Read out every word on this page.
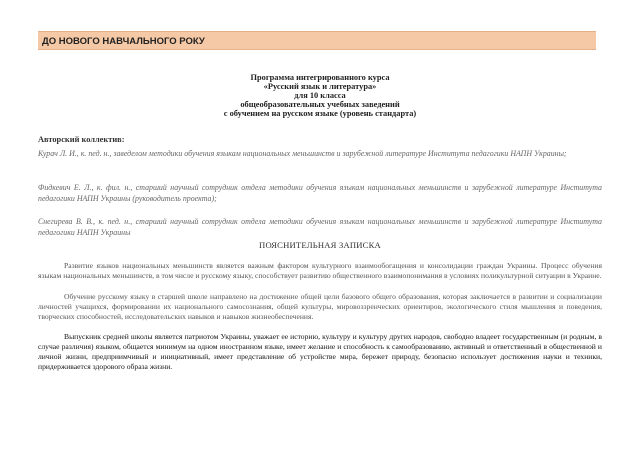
ДО НОВОГО НАВЧАЛЬНОГО РОКУ
Программа интегрированного курса
«Русский язык и литература»
для 10 класса
общеобразовательных учебных заведений
с обучением на русском языке (уровень стандарта)
Авторский коллектив:
Курач Л. И., к. пед. н., заведелом методики обучения языкам национальных меньшинств и зарубежной литературе Института педагогики НАПН Украины;
Фидкевич Е. Л., к. фил. н., старший научный сотрудник отдела методики обучения языкам национальных меньшинств и зарубежной литературе Института педагогики НАПН Украины (руководитель проекта);
Снегирева В. В., к. пед. н., старший научный сотрудник отдела методики обучения языкам национальных меньшинств и зарубежной литературе Института педагогики НАПН Украины
ПОЯСНИТЕЛЬНАЯ ЗАПИСКА
Развитие языков национальных меньшинств является важным фактором культурного взаимообогащения и консолидации граждан Украины. Процесс обучения языкам национальных меньшинств, в том числе и русскому языку, способствует развитию общественного взаимопонимания в условиях поликультурной ситуации в Украине.
Обучение русскому языку в старшей школе направлено на достижение общей цели базового общего образования, которая заключается в развитии и социализации личностей учащихся, формировании их национального самосознания, общей культуры, мировоззренческих ориентиров, экологического стиля мышления и поведения, творческих способностей, исследовательских навыков и навыков жизнеобеспечения.
Выпускник средней школы является патриотом Украины, уважает ее историю, культуру и культуру других народов, свободно владеет государственным (и родным, в случае различия) языком, общается минимум на одном иностранном языке, имеет желание и способность к самообразованию, активный и ответственный в общественной и личной жизни, предприимчивый и инициативный, имеет представление об устройстве мира, бережет природу, безопасно использует достижения науки и техники, придерживается здорового образа жизни.
